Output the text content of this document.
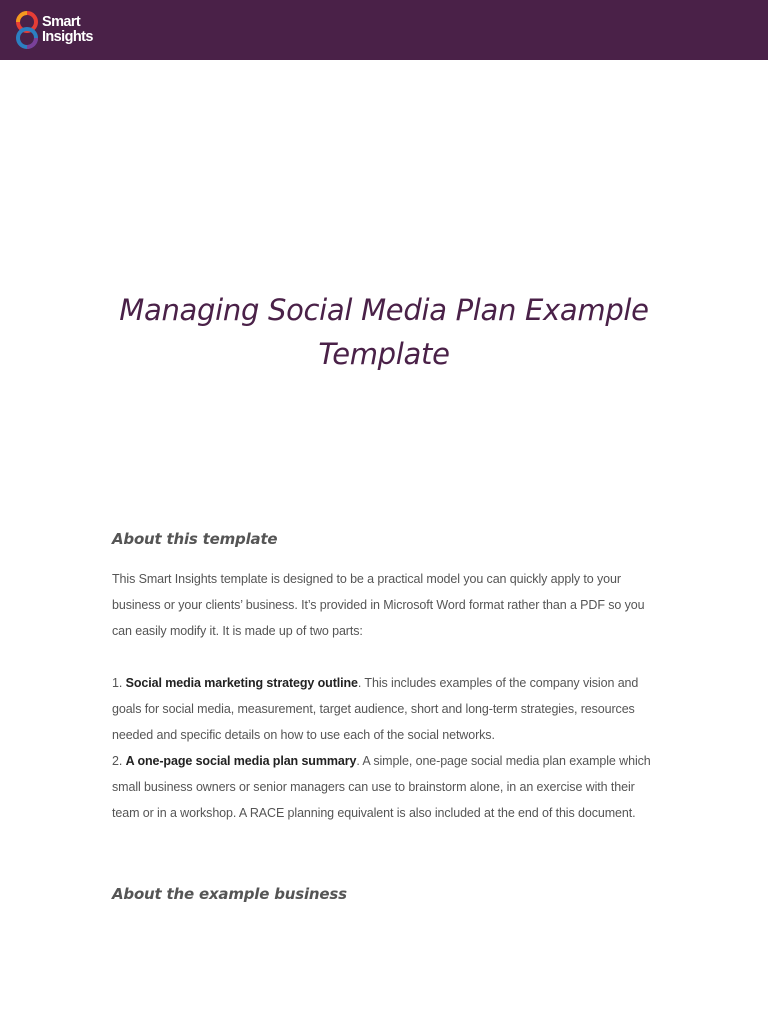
Smart
Insights
Managing Social Media Plan Example
Template
About this template

This Smart Insights template is designed to be a practical model you can quickly apply to your business or your clients’ business. It’s provided in Microsoft Word format rather than a PDF so you can easily modify it. It is made up of two parts:

1. Social media marketing strategy outline. This includes examples of the company vision and goals for social media, measurement, target audience, short and long-term strategies, resources needed and specific details on how to use each of the social networks.
2. A one-page social media plan summary. A simple, one-page social media plan example which small business owners or senior managers can use to brainstorm alone, in an exercise with their team or in a workshop. A RACE planning equivalent is also included at the end of this document.

About the example business
